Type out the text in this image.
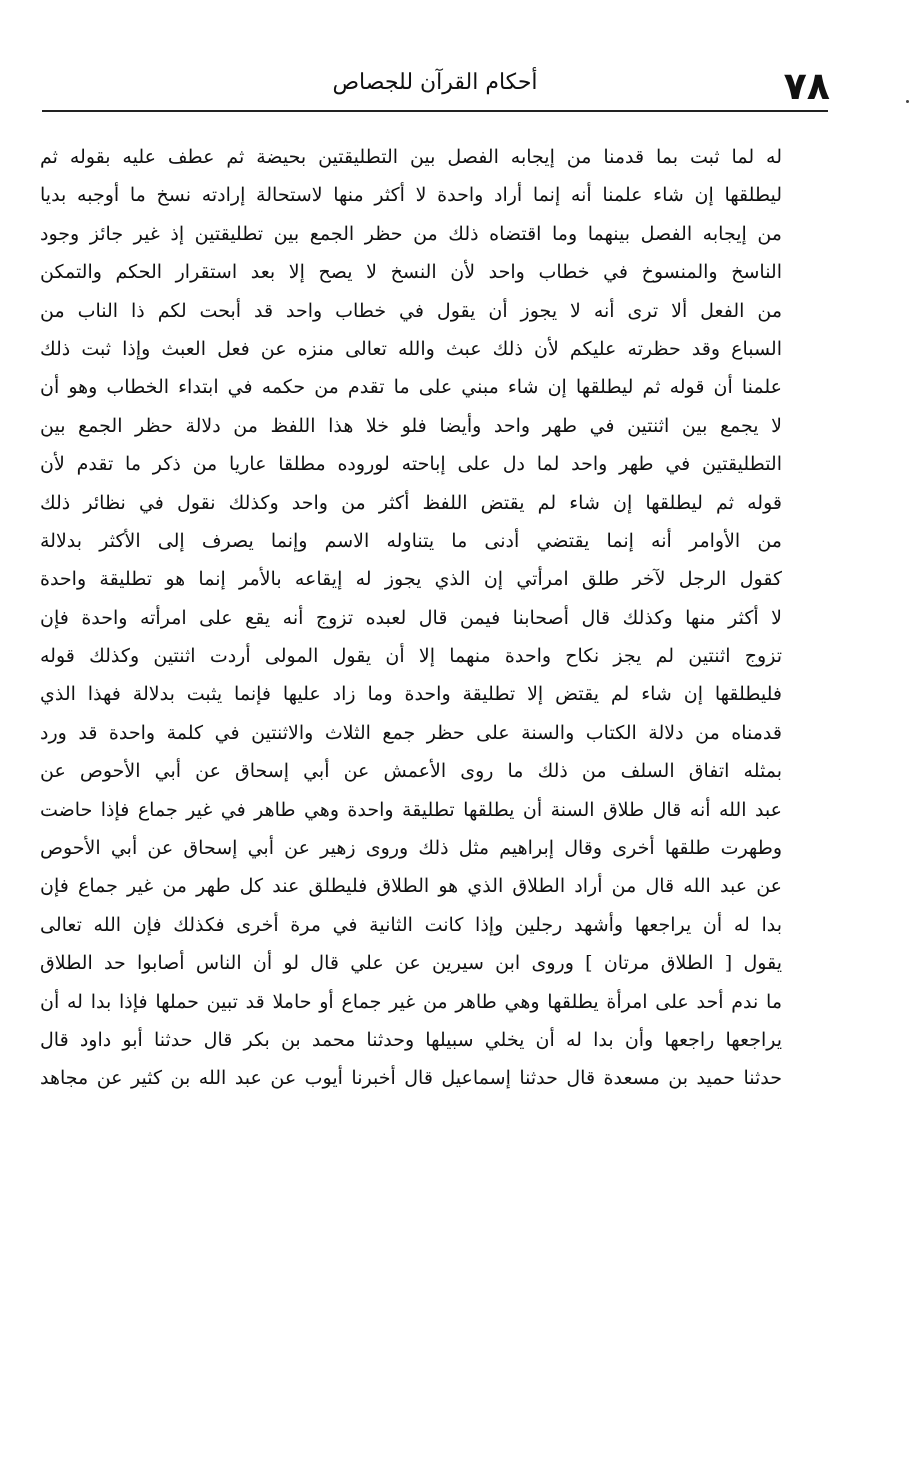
٧٨
أحكام القرآن للجصاص
له لما ثبت بما قدمنا من إيجابه الفصل بين التطليقتين بحيضة ثم عطف عليه بقوله ثم
ليطلقها إن شاء علمنا أنه إنما أراد واحدة لا أكثر منها لاستحالة إرادته نسخ ما أوجبه بديا
من إيجابه الفصل بينهما وما اقتضاه ذلك من حظر الجمع بين تطليقتين إذ غير جائز وجود
الناسخ والمنسوخ في خطاب واحد لأن النسخ لا يصح إلا بعد استقرار الحكم والتمكن
من الفعل ألا ترى أنه لا يجوز أن يقول في خطاب واحد قد أبحت لكم ذا الناب من
السباع وقد حظرته عليكم لأن ذلك عبث والله تعالى منزه عن فعل العبث وإذا ثبت ذلك
علمنا أن قوله ثم ليطلقها إن شاء مبني على ما تقدم من حكمه في ابتداء الخطاب وهو أن
لا يجمع بين اثنتين في طهر واحد وأيضا فلو خلا هذا اللفظ من دلالة حظر الجمع بين
التطليقتين في طهر واحد لما دل على إباحته لوروده مطلقا عاريا من ذكر ما تقدم لأن
قوله ثم ليطلقها إن شاء لم يقتض اللفظ أكثر من واحد وكذلك نقول في نظائر ذلك
من الأوامر أنه إنما يقتضي أدنى ما يتناوله الاسم وإنما يصرف إلى الأكثر بدلالة
كقول الرجل لآخر طلق امرأتي إن الذي يجوز له إيقاعه بالأمر إنما هو تطليقة واحدة
لا أكثر منها وكذلك قال أصحابنا فيمن قال لعبده تزوج أنه يقع على امرأته واحدة فإن
تزوج اثنتين لم يجز نكاح واحدة منهما إلا أن يقول المولى أردت اثنتين وكذلك قوله
فليطلقها إن شاء لم يقتض إلا تطليقة واحدة وما زاد عليها فإنما يثبت بدلالة فهذا الذي
قدمناه من دلالة الكتاب والسنة على حظر جمع الثلاث والاثنتين في كلمة واحدة قد ورد
بمثله اتفاق السلف من ذلك ما روى الأعمش عن أبي إسحاق عن أبي الأحوص عن
عبد الله أنه قال طلاق السنة أن يطلقها تطليقة واحدة وهي طاهر في غير جماع فإذا حاضت
وطهرت طلقها أخرى وقال إبراهيم مثل ذلك وروى زهير عن أبي إسحاق عن أبي الأحوص
عن عبد الله قال من أراد الطلاق الذي هو الطلاق فليطلق عند كل طهر من غير جماع فإن
بدا له أن يراجعها وأشهد رجلين وإذا كانت الثانية في مرة أخرى فكذلك فإن الله تعالى
يقول [ الطلاق مرتان ] وروى ابن سيرين عن علي قال لو أن الناس أصابوا حد الطلاق
ما ندم أحد على امرأة يطلقها وهي طاهر من غير جماع أو حاملا قد تبين حملها فإذا بدا له أن
يراجعها راجعها وأن بدا له أن يخلي سبيلها وحدثنا محمد بن بكر قال حدثنا أبو داود قال
حدثنا حميد بن مسعدة قال حدثنا إسماعيل قال أخبرنا أيوب عن عبد الله بن كثير عن مجاهد
